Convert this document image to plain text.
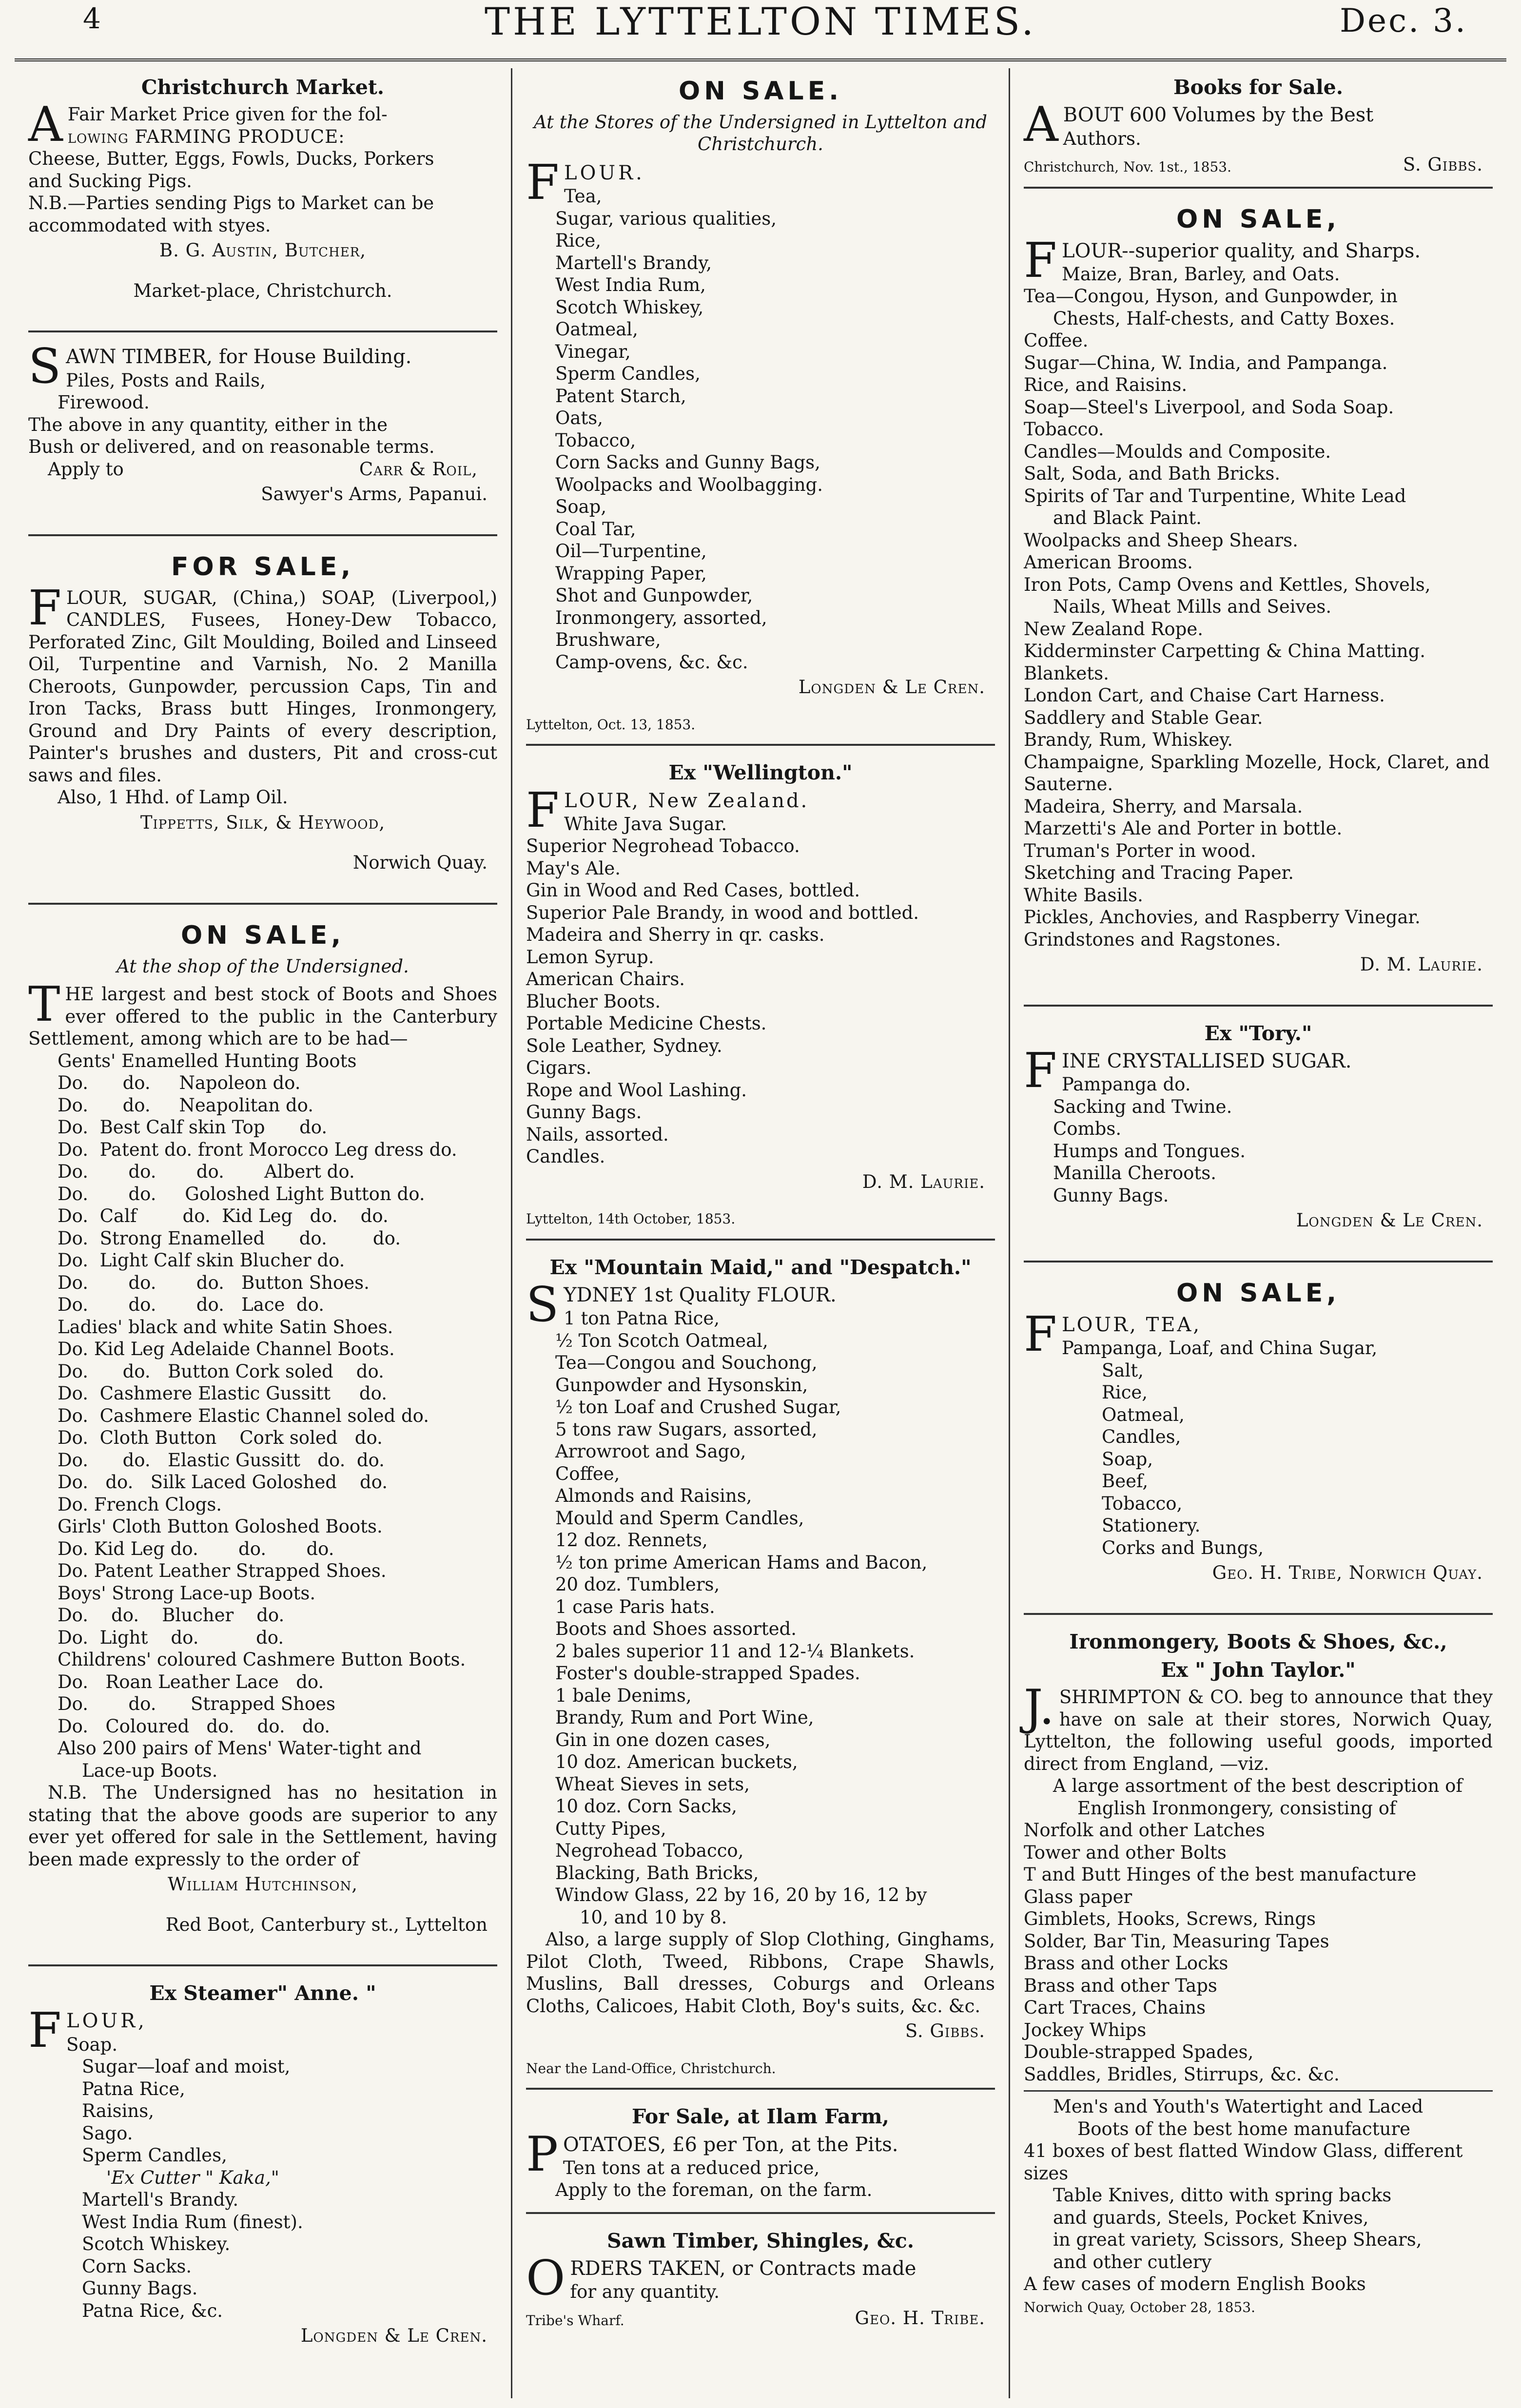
4	THE LYTTELTON TIMES.	Dec. 3.
Christchurch Market.
A Fair Market Price given for the fol-

lowing FARMING PRODUCE:

Cheese, Butter, Eggs, Fowls, Ducks, Porkers

and Sucking Pigs.

N.B.—Parties sending Pigs to Market can be

accommodated with styes.

B. G. Austin, Butcher,

Market-place, Christchurch.

S AWN TIMBER, for House Building.

Piles, Posts and Rails,

Firewood.

The above in any quantity, either in the

Bush or delivered, and on reasonable terms.

Apply to	Carr & Roil,

Sawyer's Arms, Papanui.

FOR SALE,
F LOUR, SUGAR, (China,) SOAP, (Liverpool,) CANDLES, Fusees, Honey-Dew Tobacco, Perforated Zinc, Gilt Moulding, Boiled and Linseed Oil, Turpentine and Varnish, No. 2 Manilla Cheroots, Gunpowder, percussion Caps, Tin and Iron Tacks, Brass butt Hinges, Ironmongery, Ground and Dry Paints of every description, Painter's brushes and dusters, Pit and cross-cut saws and files.

Also, 1 Hhd. of Lamp Oil.

Tippetts, Silk, & Heywood,

Norwich Quay.

ON SALE,
At the shop of the Undersigned.
T HE largest and best stock of Boots and Shoes ever offered to the public in the Canterbury Settlement, among which are to be had—

Gents' Enamelled Hunting Boots

Do.      do.     Napoleon do.

Do.      do.     Neapolitan do.

Do.  Best Calf skin Top      do.

Do.  Patent do. front Morocco Leg dress do.

Do.       do.       do.       Albert do.

Do.       do.     Goloshed Light Button do.

Do.  Calf        do.  Kid Leg   do.    do.

Do.  Strong Enamelled      do.        do.

Do.  Light Calf skin Blucher do.

Do.       do.       do.   Button Shoes.

Do.       do.       do.   Lace  do.

Ladies' black and white Satin Shoes.

Do. Kid Leg Adelaide Channel Boots.

Do.      do.   Button Cork soled    do.

Do.  Cashmere Elastic Gussitt     do.

Do.  Cashmere Elastic Channel soled do.

Do.  Cloth Button    Cork soled   do.

Do.      do.   Elastic Gussitt   do.  do.

Do.   do.   Silk Laced Goloshed    do.

Do. French Clogs.

Girls' Cloth Button Goloshed Boots.

Do. Kid Leg do.       do.       do.

Do. Patent Leather Strapped Shoes.

Boys' Strong Lace-up Boots.

Do.    do.    Blucher    do.

Do.  Light    do.          do.

Childrens' coloured Cashmere Button Boots.

Do.   Roan Leather Lace   do.

Do.       do.      Strapped Shoes

Do.   Coloured   do.    do.   do.

Also 200 pairs of Mens' Water-tight and

Lace-up Boots.

N.B. The Undersigned has no hesitation in stating that the above goods are superior to any ever yet offered for sale in the Settlement, having been made expressly to the order of

William Hutchinson,

Red Boot, Canterbury st., Lyttelton

Ex Steamer" Anne. "
F LOUR,

Soap.

Sugar—loaf and moist,

Patna Rice,

Raisins,

Sago.

Sperm Candles,

'Ex Cutter " Kaka,"

Martell's Brandy.

West India Rum (finest).

Scotch Whiskey.

Corn Sacks.

Gunny Bags.

Patna Rice, &c.

Longden & Le Cren.

ON SALE.
At the Stores of the Undersigned in Lyttelton and Christchurch.
F LOUR.

Tea,

Sugar, various qualities,

Rice,

Martell's Brandy,

West India Rum,

Scotch Whiskey,

Oatmeal,

Vinegar,

Sperm Candles,

Patent Starch,

Oats,

Tobacco,

Corn Sacks and Gunny Bags,

Woolpacks and Woolbagging.

Soap,

Coal Tar,

Oil—Turpentine,

Wrapping Paper,

Shot and Gunpowder,

Ironmongery, assorted,

Brushware,

Camp-ovens, &c. &c.

Longden & Le Cren.

Lyttelton, Oct. 13, 1853.

Ex "Wellington."
F LOUR, New Zealand.

White Java Sugar.

Superior Negrohead Tobacco.

May's Ale.

Gin in Wood and Red Cases, bottled.

Superior Pale Brandy, in wood and bottled.

Madeira and Sherry in qr. casks.

Lemon Syrup.

American Chairs.

Blucher Boots.

Portable Medicine Chests.

Sole Leather, Sydney.

Cigars.

Rope and Wool Lashing.

Gunny Bags.

Nails, assorted.

Candles.

D. M. Laurie.

Lyttelton, 14th October, 1853.

Ex "Mountain Maid," and "Despatch."
S YDNEY 1st Quality FLOUR.

1 ton Patna Rice,

½ Ton Scotch Oatmeal,

Tea—Congou and Souchong,

Gunpowder and Hysonskin,

½ ton Loaf and Crushed Sugar,

5 tons raw Sugars, assorted,

Arrowroot and Sago,

Coffee,

Almonds and Raisins,

Mould and Sperm Candles,

12 doz. Rennets,

½ ton prime American Hams and Bacon,

20 doz. Tumblers,

1 case Paris hats.

Boots and Shoes assorted.

2 bales superior 11 and 12-¼ Blankets.

Foster's double-strapped Spades.

1 bale Denims,

Brandy, Rum and Port Wine,

Gin in one dozen cases,

10 doz. American buckets,

Wheat Sieves in sets,

10 doz. Corn Sacks,

Cutty Pipes,

Negrohead Tobacco,

Blacking, Bath Bricks,

Window Glass, 22 by 16, 20 by 16, 12 by

10, and 10 by 8.

Also, a large supply of Slop Clothing, Ginghams, Pilot Cloth, Tweed, Ribbons, Crape Shawls, Muslins, Ball dresses, Coburgs and Orleans Cloths, Calicoes, Habit Cloth, Boy's suits, &c. &c.

S. Gibbs.

Near the Land-Office, Christchurch.

For Sale, at Ilam Farm,
P OTATOES, £6 per Ton, at the Pits.

Ten tons at a reduced price,

Apply to the foreman, on the farm.

Sawn Timber, Shingles, &c.
O RDERS TAKEN, or Contracts made

for any quantity.

Tribe's Wharf.	Geo. H. Tribe.
Books for Sale.
A BOUT 600 Volumes by the Best

Authors.

Christchurch, Nov. 1st., 1853.	S. Gibbs.
ON SALE,
F LOUR--superior quality, and Sharps.

Maize, Bran, Barley, and Oats.

Tea—Congou, Hyson, and Gunpowder, in

Chests, Half-chests, and Catty Boxes.

Coffee.

Sugar—China, W. India, and Pampanga.

Rice, and Raisins.

Soap—Steel's Liverpool, and Soda Soap.

Tobacco.

Candles—Moulds and Composite.

Salt, Soda, and Bath Bricks.

Spirits of Tar and Turpentine, White Lead

and Black Paint.

Woolpacks and Sheep Shears.

American Brooms.

Iron Pots, Camp Ovens and Kettles, Shovels,

Nails, Wheat Mills and Seives.

New Zealand Rope.

Kidderminster Carpetting & China Matting.

Blankets.

London Cart, and Chaise Cart Harness.

Saddlery and Stable Gear.

Brandy, Rum, Whiskey.

Champaigne, Sparkling Mozelle, Hock, Claret, and Sauterne.

Madeira, Sherry, and Marsala.

Marzetti's Ale and Porter in bottle.

Truman's Porter in wood.

Sketching and Tracing Paper.

White Basils.

Pickles, Anchovies, and Raspberry Vinegar.

Grindstones and Ragstones.

D. M. Laurie.

Ex "Tory."
F INE CRYSTALLISED SUGAR.

Pampanga do.

Sacking and Twine.

Combs.

Humps and Tongues.

Manilla Cheroots.

Gunny Bags.

Longden & Le Cren.

ON SALE,
F LOUR, TEA,

Pampanga, Loaf, and China Sugar,

Salt,

Rice,

Oatmeal,

Candles,

Soap,

Beef,

Tobacco,

Stationery.

Corks and Bungs,

Geo. H. Tribe, Norwich Quay.

Ironmongery, Boots & Shoes, &c.,
Ex " John Taylor."
J. SHRIMPTON & CO. beg to announce that they have on sale at their stores, Norwich Quay, Lyttelton, the following useful goods, imported direct from England, —viz.

A large assortment of the best description of

English Ironmongery, consisting of

Norfolk and other Latches

Tower and other Bolts

T and Butt Hinges of the best manufacture

Glass paper

Gimblets, Hooks, Screws, Rings

Solder, Bar Tin, Measuring Tapes

Brass and other Locks

Brass and other Taps

Cart Traces, Chains

Jockey Whips

Double-strapped Spades,

Saddles, Bridles, Stirrups, &c. &c.

Men's and Youth's Watertight and Laced

Boots of the best home manufacture

41 boxes of best flatted Window Glass, different sizes

Table Knives, ditto with spring backs

and guards, Steels, Pocket Knives,

in great variety, Scissors, Sheep Shears,

and other cutlery

A few cases of modern English Books

Norwich Quay, October 28, 1853.
